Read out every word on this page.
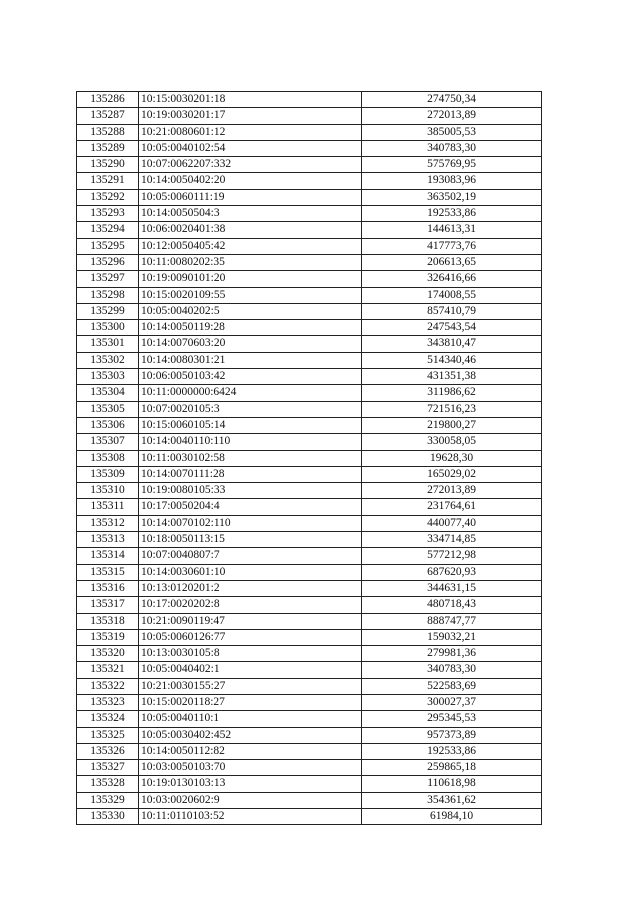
135286	10:15:0030201:18	274750,34
135287	10:19:0030201:17	272013,89
135288	10:21:0080601:12	385005,53
135289	10:05:0040102:54	340783,30
135290	10:07:0062207:332	575769,95
135291	10:14:0050402:20	193083,96
135292	10:05:0060111:19	363502,19
135293	10:14:0050504:3	192533,86
135294	10:06:0020401:38	144613,31
135295	10:12:0050405:42	417773,76
135296	10:11:0080202:35	206613,65
135297	10:19:0090101:20	326416,66
135298	10:15:0020109:55	174008,55
135299	10:05:0040202:5	857410,79
135300	10:14:0050119:28	247543,54
135301	10:14:0070603:20	343810,47
135302	10:14:0080301:21	514340,46
135303	10:06:0050103:42	431351,38
135304	10:11:0000000:6424	311986,62
135305	10:07:0020105:3	721516,23
135306	10:15:0060105:14	219800,27
135307	10:14:0040110:110	330058,05
135308	10:11:0030102:58	19628,30
135309	10:14:0070111:28	165029,02
135310	10:19:0080105:33	272013,89
135311	10:17:0050204:4	231764,61
135312	10:14:0070102:110	440077,40
135313	10:18:0050113:15	334714,85
135314	10:07:0040807:7	577212,98
135315	10:14:0030601:10	687620,93
135316	10:13:0120201:2	344631,15
135317	10:17:0020202:8	480718,43
135318	10:21:0090119:47	888747,77
135319	10:05:0060126:77	159032,21
135320	10:13:0030105:8	279981,36
135321	10:05:0040402:1	340783,30
135322	10:21:0030155:27	522583,69
135323	10:15:0020118:27	300027,37
135324	10:05:0040110:1	295345,53
135325	10:05:0030402:452	957373,89
135326	10:14:0050112:82	192533,86
135327	10:03:0050103:70	259865,18
135328	10:19:0130103:13	110618,98
135329	10:03:0020602:9	354361,62
135330	10:11:0110103:52	61984,10
